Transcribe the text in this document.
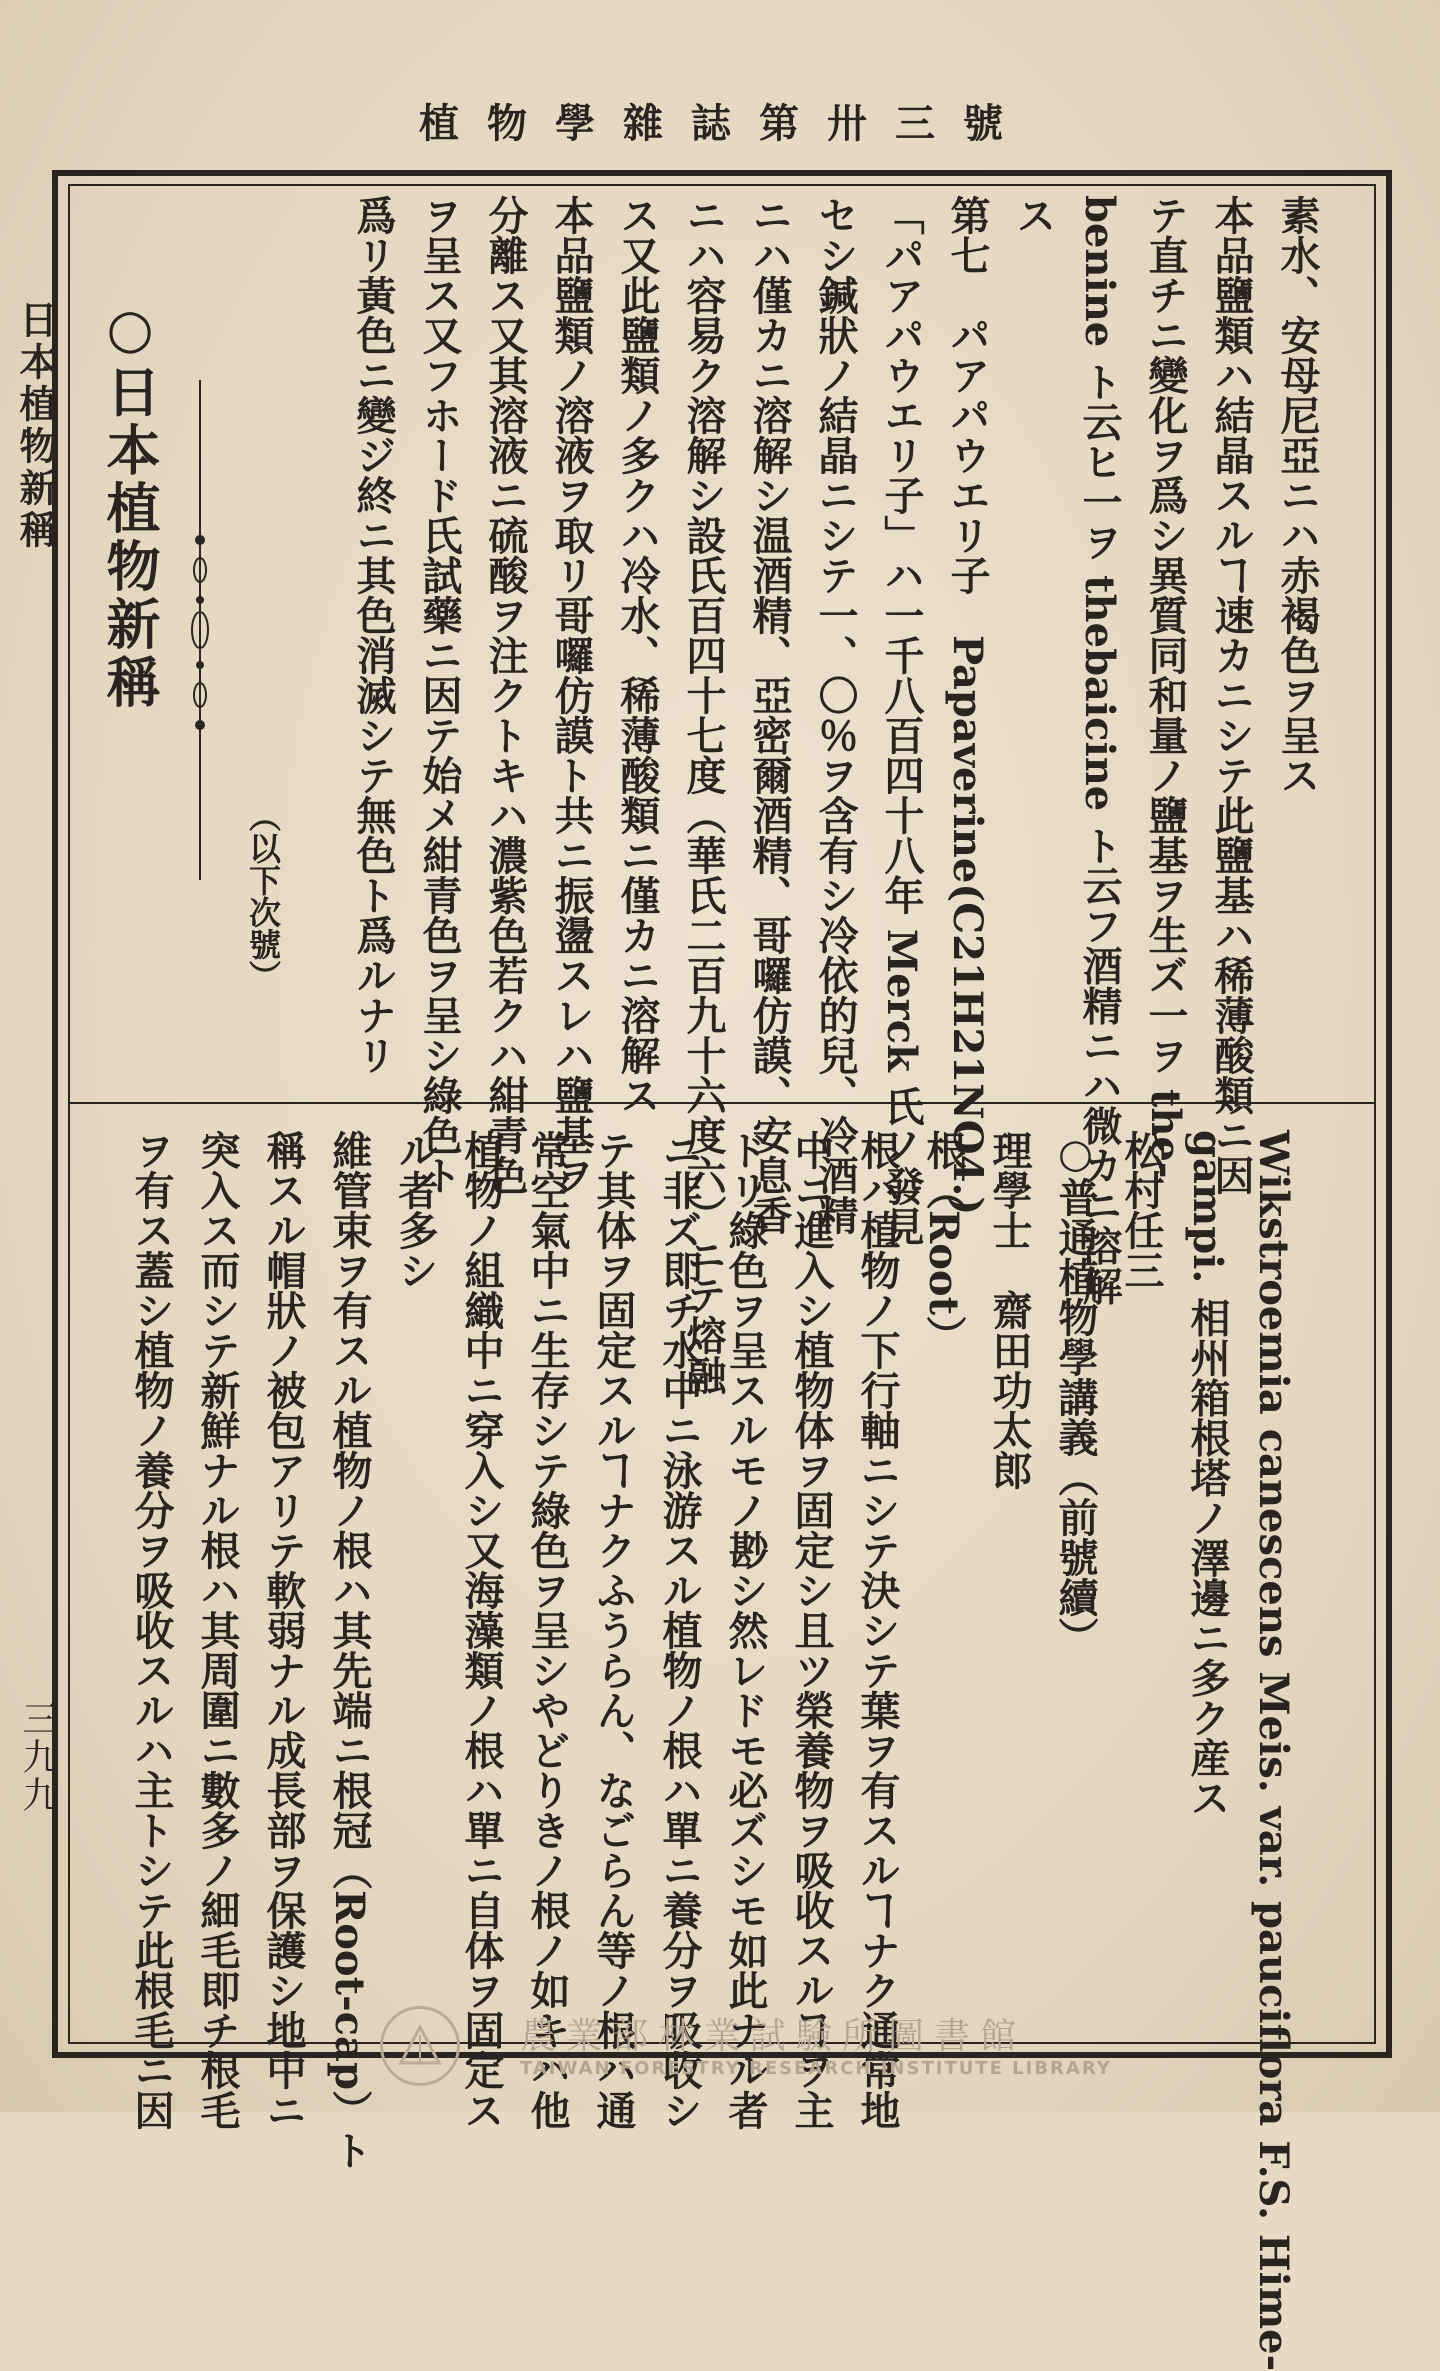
植物學雜誌第卅三號
日本植物新稱
三九九
素水、安母尼亞ニハ赤褐色ヲ呈ス
本品鹽類ハ結晶スルヿ速カニシテ此鹽基ハ稀薄酸類ニ因
テ直チニ變化ヲ爲シ異質同和量ノ鹽基ヲ生ズ一ヲ the-
benine ト云ヒ一ヲ thebaicine ト云フ酒精ニハ微カニ溶解
ス
第七　パアパウエリ子　Papaverine(C21H21NO4.)
「パアパウエリ子」ハ一千八百四十八年 Merck 氏ノ發見
セシ鍼狀ノ結晶ニシテ一、〇％ヲ含有シ冷依的兒、冷酒精
ニハ僅カニ溶解シ温酒精、亞密爾酒精、哥囉仿謨、安息香
ニハ容易ク溶解シ設氏百四十七度（華氏二百九十六度六）ニテ熔融
ス又此鹽類ノ多クハ冷水、稀薄酸類ニ僅カニ溶解ス
本品鹽類ノ溶液ヲ取リ哥囉仿謨ト共ニ振盪スレハ鹽基ヲ
分離ス又其溶液ニ硫酸ヲ注クトキハ濃紫色若クハ紺青色
ヲ呈ス又フホード氏試藥ニ因テ始メ紺青色ヲ呈シ綠色ト
爲リ黃色ニ變ジ終ニ其色消滅シテ無色ト爲ルナリ
（以下次號）
○日本植物新稱
Wikstroemia canescens Meis. var. pauciflora F.S. Hime-
gampi. 相州箱根塔ノ澤邊ニ多ク産ス
松村任三
○普通植物學講義（前號續）
理學士　齋田功太郎
根（Root）
根ハ植物ノ下行軸ニシテ決シテ葉ヲ有スルヿナク通常地
中ニ進入シ植物体ヲ固定シ且ツ榮養物ヲ吸收スルヿヲ主
ドリ綠色ヲ呈スルモノ尠シ然レドモ必ズシモ如此ナル者
ニ非ズ即チ水中ニ泳游スル植物ノ根ハ單ニ養分ヲ吸收シ
テ其体ヲ固定スルヿナクふうらん、なごらん等ノ根ハ通
常空氣中ニ生存シテ綠色ヲ呈シやどりきノ根ノ如キハ他
植物ノ組織中ニ穿入シ又海藻類ノ根ハ單ニ自体ヲ固定ス
ル者多シ
維管束ヲ有スル植物ノ根ハ其先端ニ根冠（Root-cap）ト
稱スル帽狀ノ被包アリテ軟弱ナル成長部ヲ保護シ地中ニ
突入ス而シテ新鮮ナル根ハ其周圍ニ數多ノ細毛即チ根毛
ヲ有ス蓋シ植物ノ養分ヲ吸收スルハ主トシテ此根毛ニ因	農業部林業試驗所圖書館
TAIWAN FORESTRY RESEARCH INSTITUTE LIBRARY
